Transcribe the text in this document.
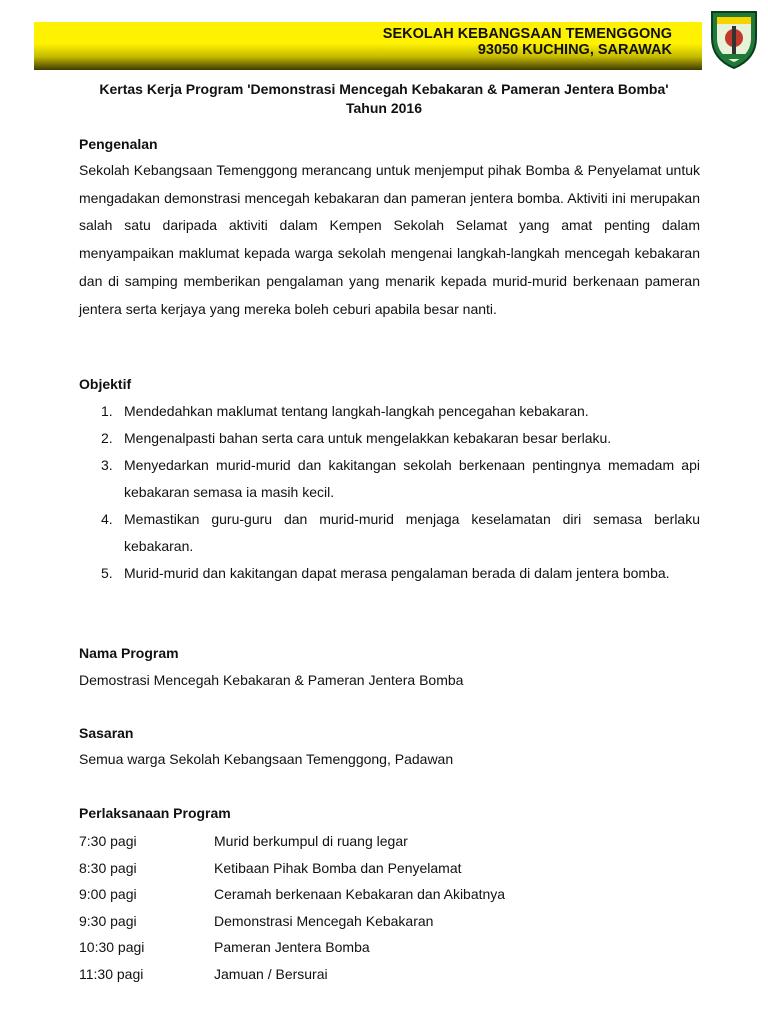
SEKOLAH KEBANGSAAN TEMENGGONG
93050 KUCHING, SARAWAK
Kertas Kerja Program 'Demonstrasi Mencegah Kebakaran & Pameran Jentera Bomba'
Tahun 2016
Pengenalan

Sekolah Kebangsaan Temenggong merancang untuk menjemput pihak Bomba & Penyelamat untuk mengadakan demonstrasi mencegah kebakaran dan pameran jentera bomba. Aktiviti ini merupakan salah satu daripada aktiviti dalam Kempen Sekolah Selamat yang amat penting dalam menyampaikan maklumat kepada warga sekolah mengenai langkah-langkah mencegah kebakaran dan di samping memberikan pengalaman yang menarik kepada murid-murid berkenaan pameran jentera serta kerjaya yang mereka boleh ceburi apabila besar nanti.

Objektif
1. Mendedahkan maklumat tentang langkah-langkah pencegahan kebakaran.
2. Mengenalpasti bahan serta cara untuk mengelakkan kebakaran besar berlaku.
3. Menyedarkan murid-murid dan kakitangan sekolah berkenaan pentingnya memadam api kebakaran semasa ia masih kecil.
4. Memastikan guru-guru dan murid-murid menjaga keselamatan diri semasa berlaku kebakaran.
5. Murid-murid dan kakitangan dapat merasa pengalaman berada di dalam jentera bomba.
Nama Program
Demostrasi Mencegah Kebakaran & Pameran Jentera Bomba
Sasaran
Semua warga Sekolah Kebangsaan Temenggong, Padawan
Perlaksanaan Program
7:30 pagi	Murid berkumpul di ruang legar
8:30 pagi	Ketibaan Pihak Bomba dan Penyelamat
9:00 pagi	Ceramah berkenaan Kebakaran dan Akibatnya
9:30 pagi	Demonstrasi Mencegah Kebakaran
10:30 pagi	Pameran Jentera Bomba
11:30 pagi	Jamuan / Bersurai
